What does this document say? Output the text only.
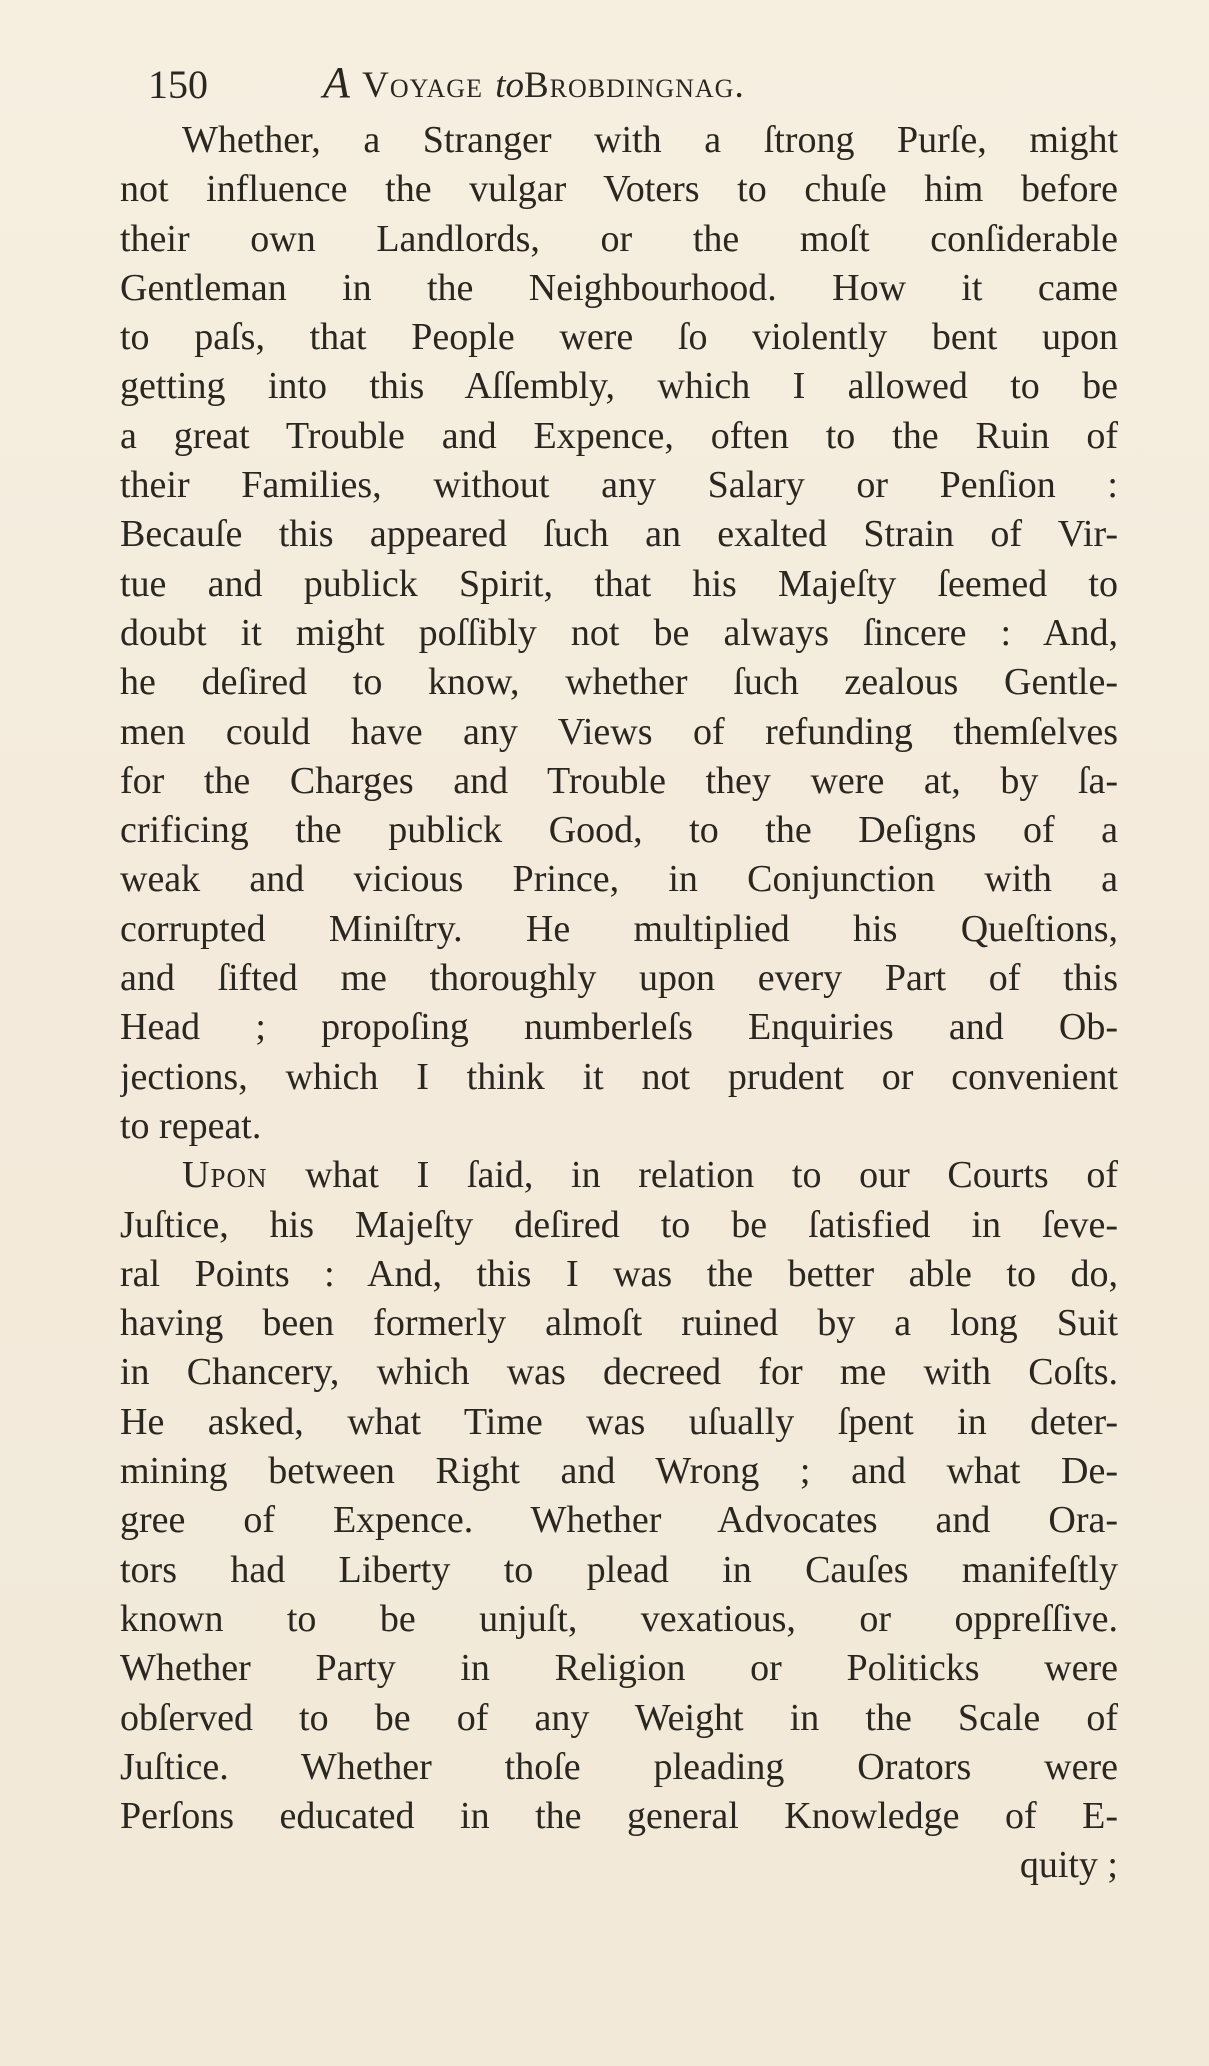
150	A Voyage toBrobdingnag.
Whether, a Stranger with a ſtrong Purſe, might
not influence the vulgar Voters to chuſe him before
their own Landlords, or the moſt conſiderable
Gentleman in the Neighbourhood. How it came
to paſs, that People were ſo violently bent upon
getting into this Aſſembly, which I allowed to be
a great Trouble and Expence, often to the Ruin of
their Families, without any Salary or Penſion :
Becauſe this appeared ſuch an exalted Strain of Vir-
tue and publick Spirit, that his Majeſty ſeemed to
doubt it might poſſibly not be always ſincere : And,
he deſired to know, whether ſuch zealous Gentle-
men could have any Views of refunding themſelves
for the Charges and Trouble they were at, by ſa-
crificing the publick Good, to the Deſigns of a
weak and vicious Prince, in Conjunction with a
corrupted Miniſtry. He multiplied his Queſtions,
and ſifted me thoroughly upon every Part of this
Head ; propoſing numberleſs Enquiries and Ob-
jections, which I think it not prudent or convenient
to repeat.
Upon what I ſaid, in relation to our Courts of
Juſtice, his Majeſty deſired to be ſatisfied in ſeve-
ral Points : And, this I was the better able to do,
having been formerly almoſt ruined by a long Suit
in Chancery, which was decreed for me with Coſts.
He asked, what Time was uſually ſpent in deter-
mining between Right and Wrong ; and what De-
gree of Expence. Whether Advocates and Ora-
tors had Liberty to plead in Cauſes manifeſtly
known to be unjuſt, vexatious, or oppreſſive.
Whether Party in Religion or Politicks were
obſerved to be of any Weight in the Scale of
Juſtice. Whether thoſe pleading Orators were
Perſons educated in the general Knowledge of E-
quity ;
